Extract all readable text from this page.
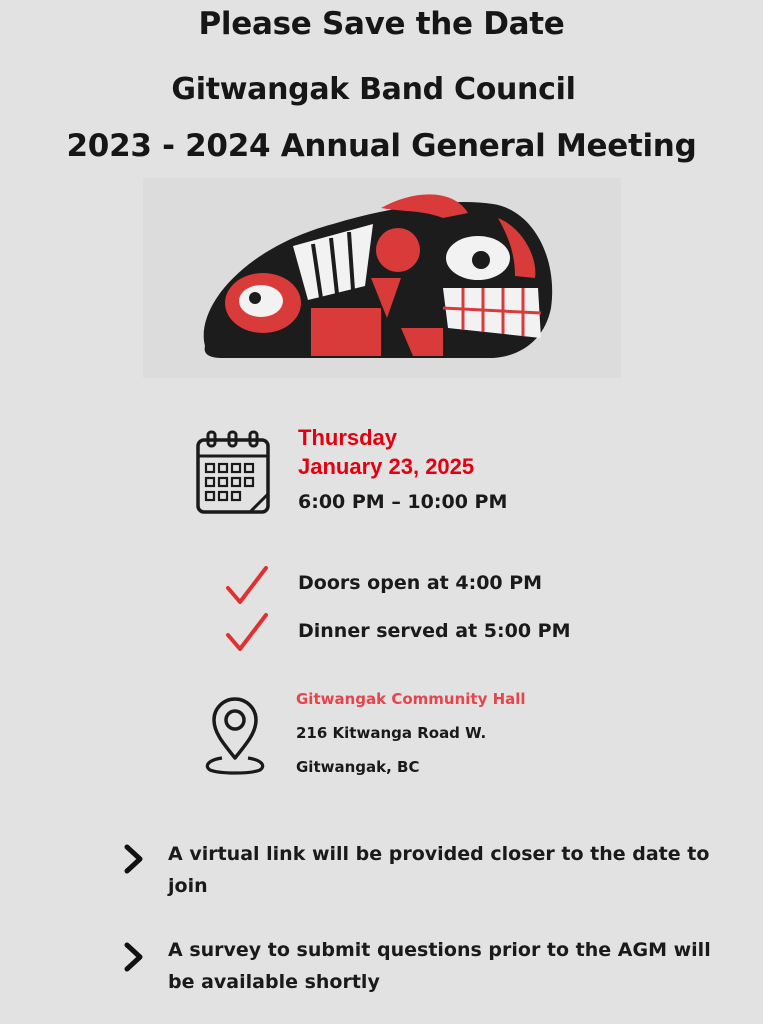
Please Save the Date
Gitwangak Band Council
2023 - 2024 Annual General Meeting
Thursday
January 23, 2025
6:00 PM – 10:00 PM
Doors open at 4:00 PM
Dinner served at 5:00 PM
Gitwangak Community Hall
216 Kitwanga Road W.
Gitwangak, BC
A virtual link will be provided closer to the date to join
A survey to submit questions prior to the AGM will be available shortly
